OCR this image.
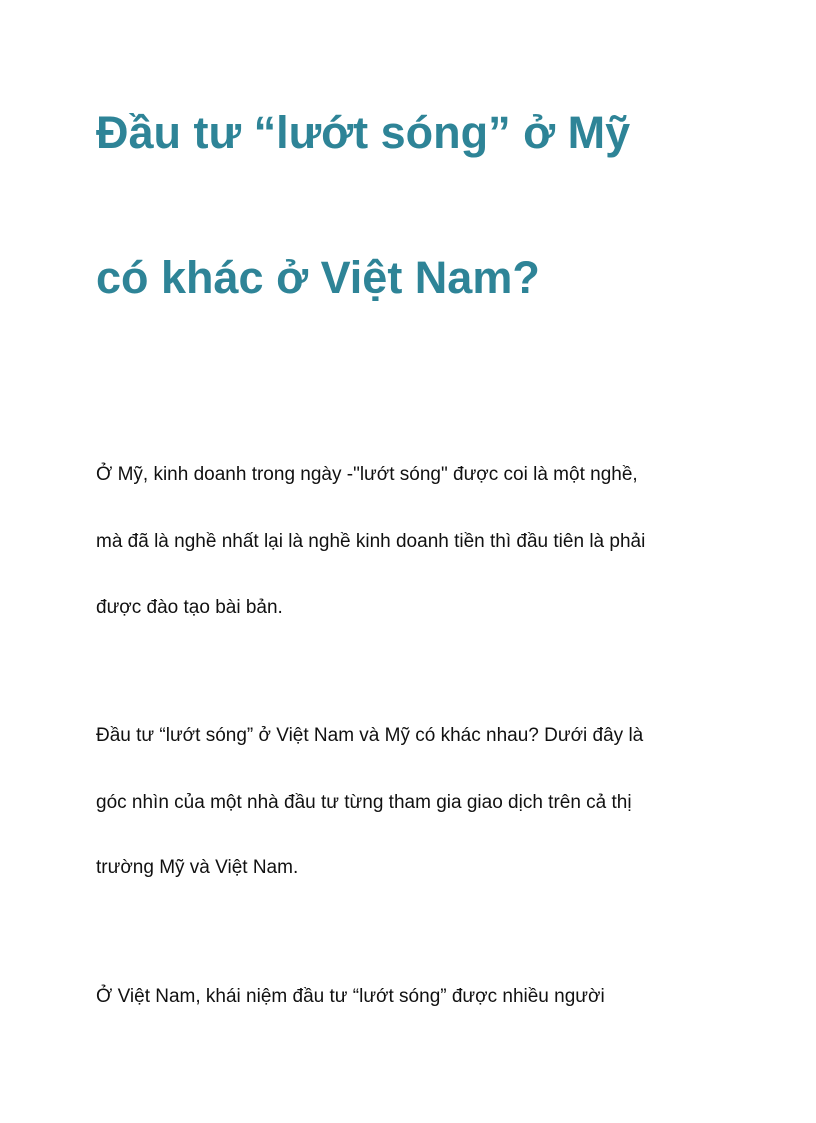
Đầu tư “lướt sóng” ở Mỹ
có khác ở Việt Nam?

Ở Mỹ, kinh doanh trong ngày -"lướt sóng" được coi là một nghề,

mà đã là nghề nhất lại là nghề kinh doanh tiền thì đầu tiên là phải

được đào tạo bài bản.

Đầu tư “lướt sóng” ở Việt Nam và Mỹ có khác nhau? Dưới đây là

góc nhìn của một nhà đầu tư từng tham gia giao dịch trên cả thị

trường Mỹ và Việt Nam.

Ở Việt Nam, khái niệm đầu tư “lướt sóng” được nhiều người
